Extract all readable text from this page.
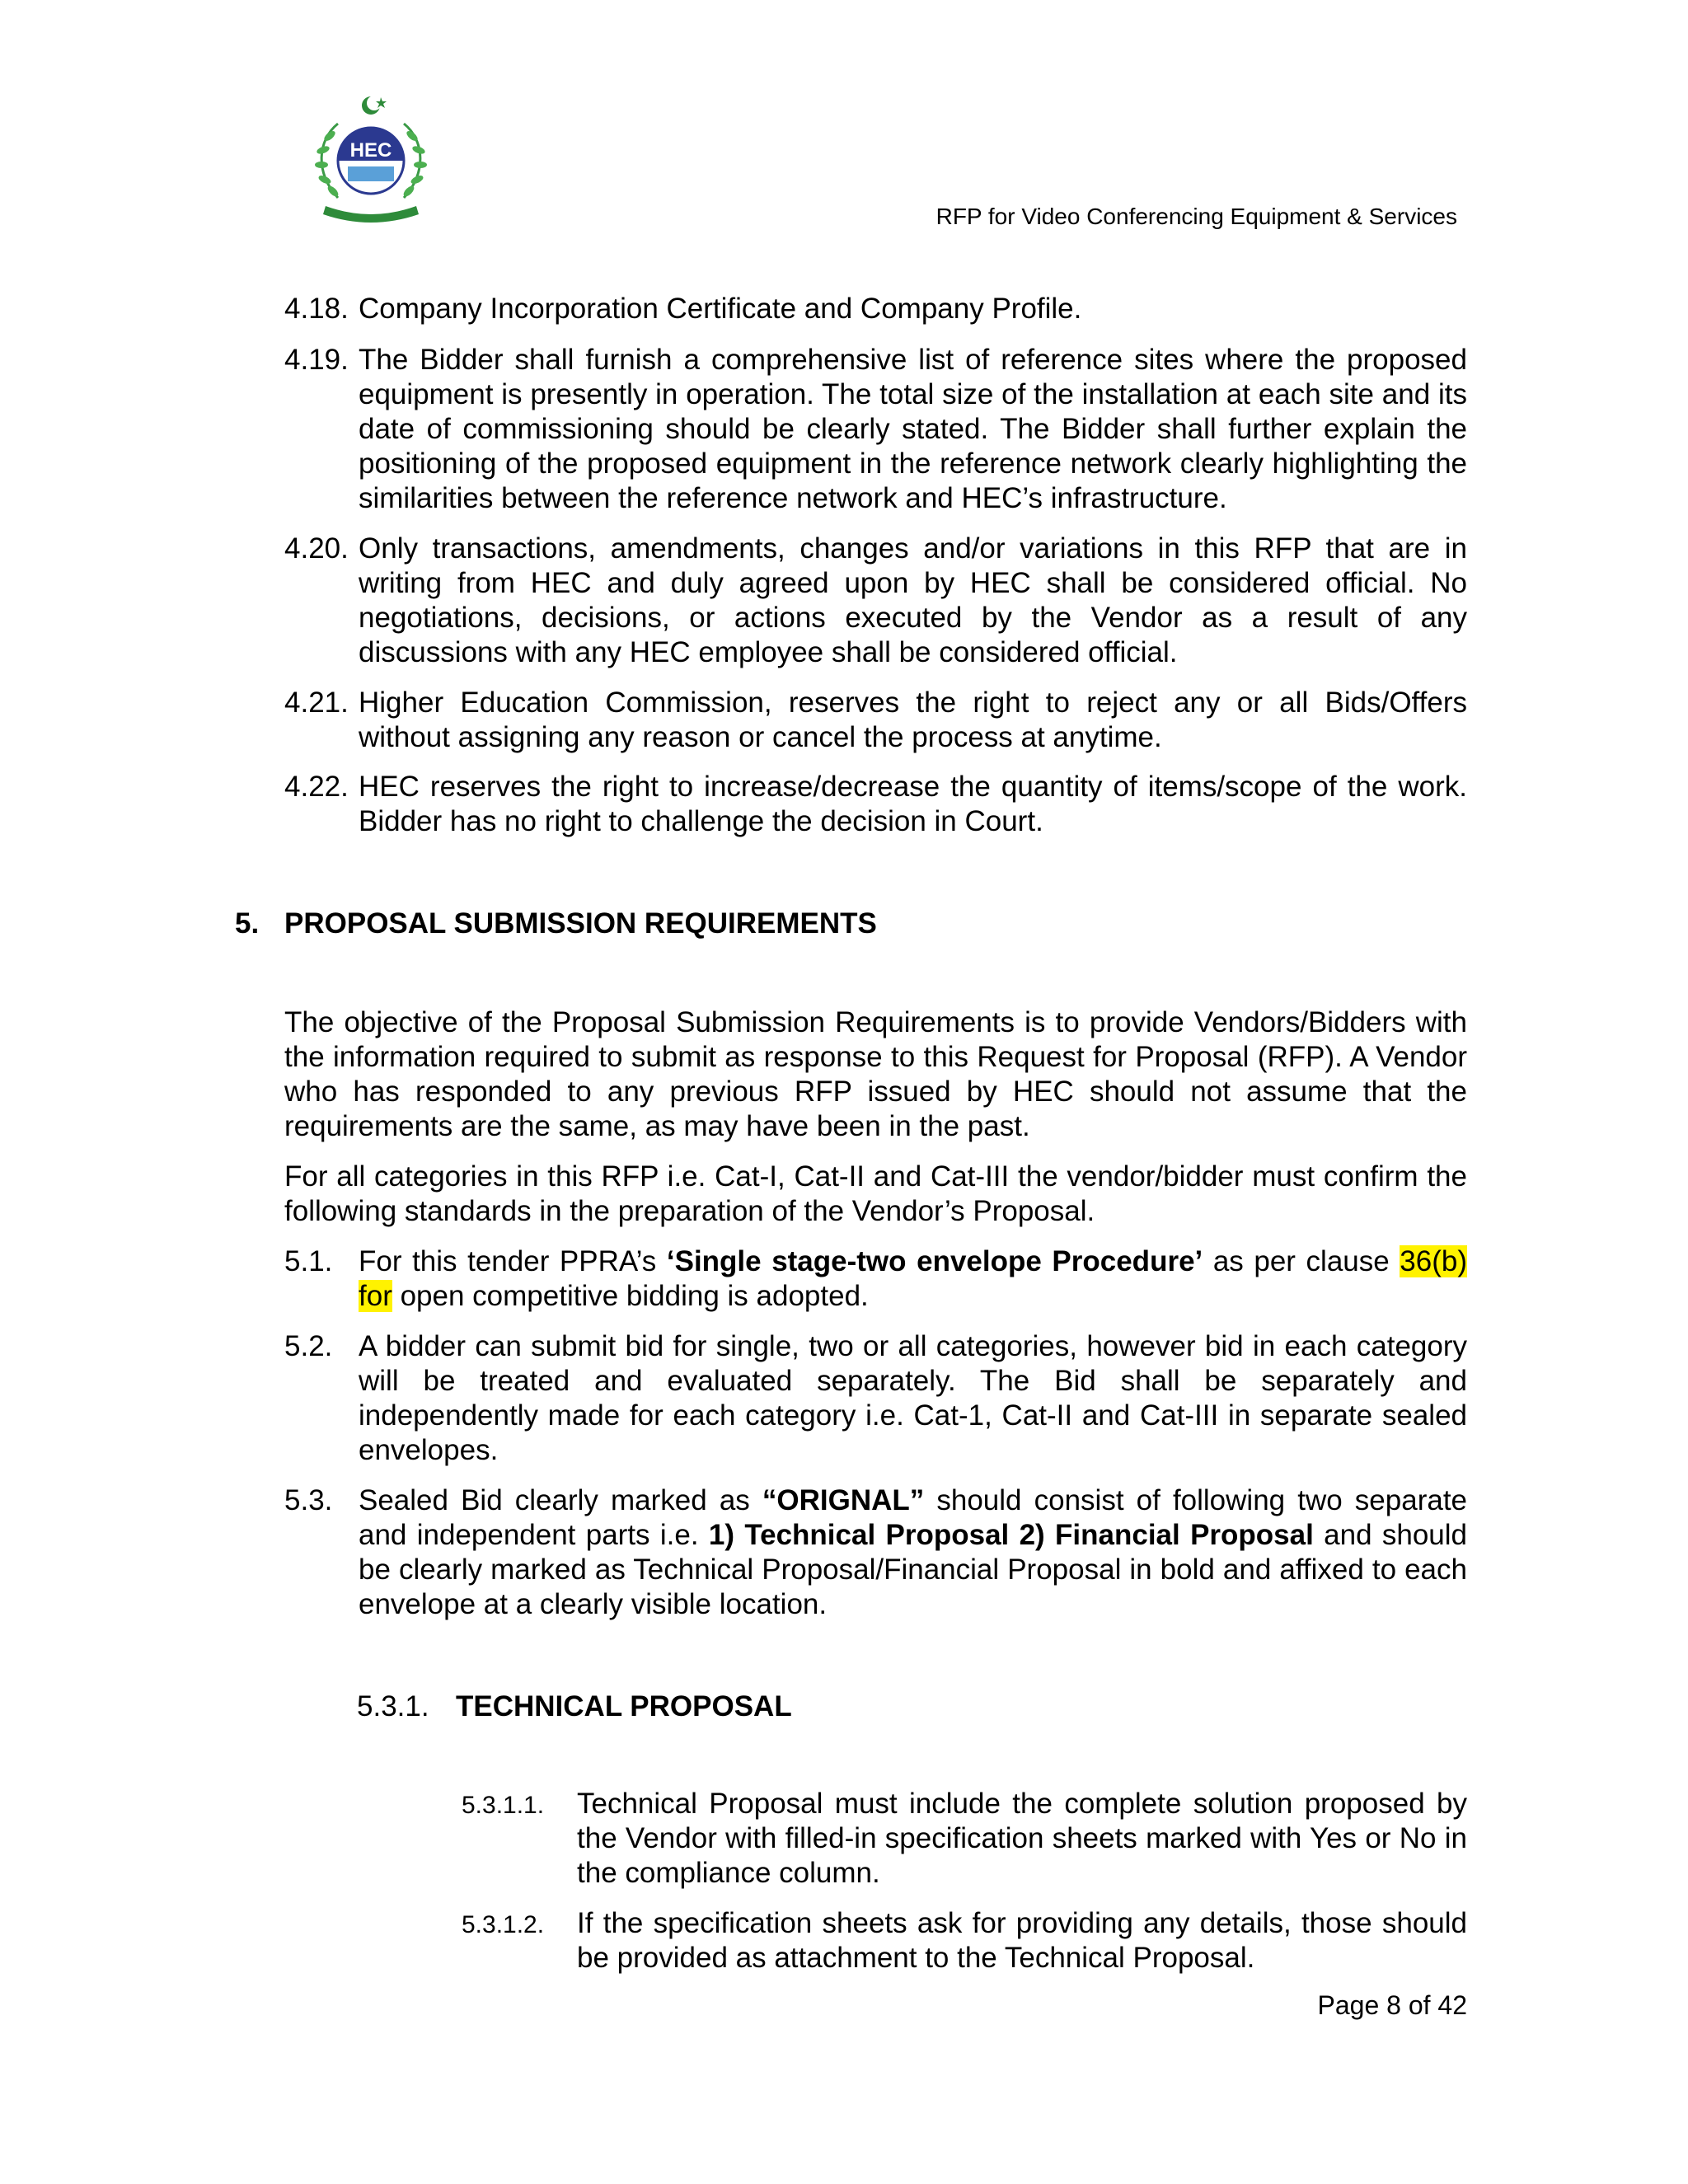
HEC
RFP for Video Conferencing Equipment & Services
4.18. Company Incorporation Certificate and Company Profile.
4.19. The Bidder shall furnish a comprehensive list of reference sites where the proposed equipment is presently in operation. The total size of the installation at each site and its date of commissioning should be clearly stated. The Bidder shall further explain the positioning of the proposed equipment in the reference network clearly highlighting the similarities between the reference network and HEC’s infrastructure.
4.20. Only transactions, amendments, changes and/or variations in this RFP that are in writing from HEC and duly agreed upon by HEC shall be considered official. No negotiations, decisions, or actions executed by the Vendor as a result of any discussions with any HEC employee shall be considered official.
4.21. Higher Education Commission, reserves the right to reject any or all Bids/Offers without assigning any reason or cancel the process at anytime.
4.22. HEC reserves the right to increase/decrease the quantity of items/scope of the work. Bidder has no right to challenge the decision in Court.
5. PROPOSAL SUBMISSION REQUIREMENTS
The objective of the Proposal Submission Requirements is to provide Vendors/Bidders with the information required to submit as response to this Request for Proposal (RFP). A Vendor who has responded to any previous RFP issued by HEC should not assume that the requirements are the same, as may have been in the past.
For all categories in this RFP i.e. Cat-I, Cat-II and Cat-III the vendor/bidder must confirm the following standards in the preparation of the Vendor’s Proposal.
5.1. For this tender PPRA’s ‘Single stage-two envelope Procedure’ as per clause 36(b) for open competitive bidding is adopted.
5.2. A bidder can submit bid for single, two or all categories, however bid in each category will be treated and evaluated separately. The Bid shall be separately and independently made for each category i.e. Cat-1, Cat-II and Cat-III in separate sealed envelopes.
5.3. Sealed Bid clearly marked as “ORIGNAL” should consist of following two separate and independent parts i.e. 1) Technical Proposal 2) Financial Proposal and should be clearly marked as Technical Proposal/Financial Proposal in bold and affixed to each envelope at a clearly visible location.
5.3.1. TECHNICAL PROPOSAL
5.3.1.1. Technical Proposal must include the complete solution proposed by the Vendor with filled-in specification sheets marked with Yes or No in the compliance column.
5.3.1.2. If the specification sheets ask for providing any details, those should be provided as attachment to the Technical Proposal.
Page 8 of 42
